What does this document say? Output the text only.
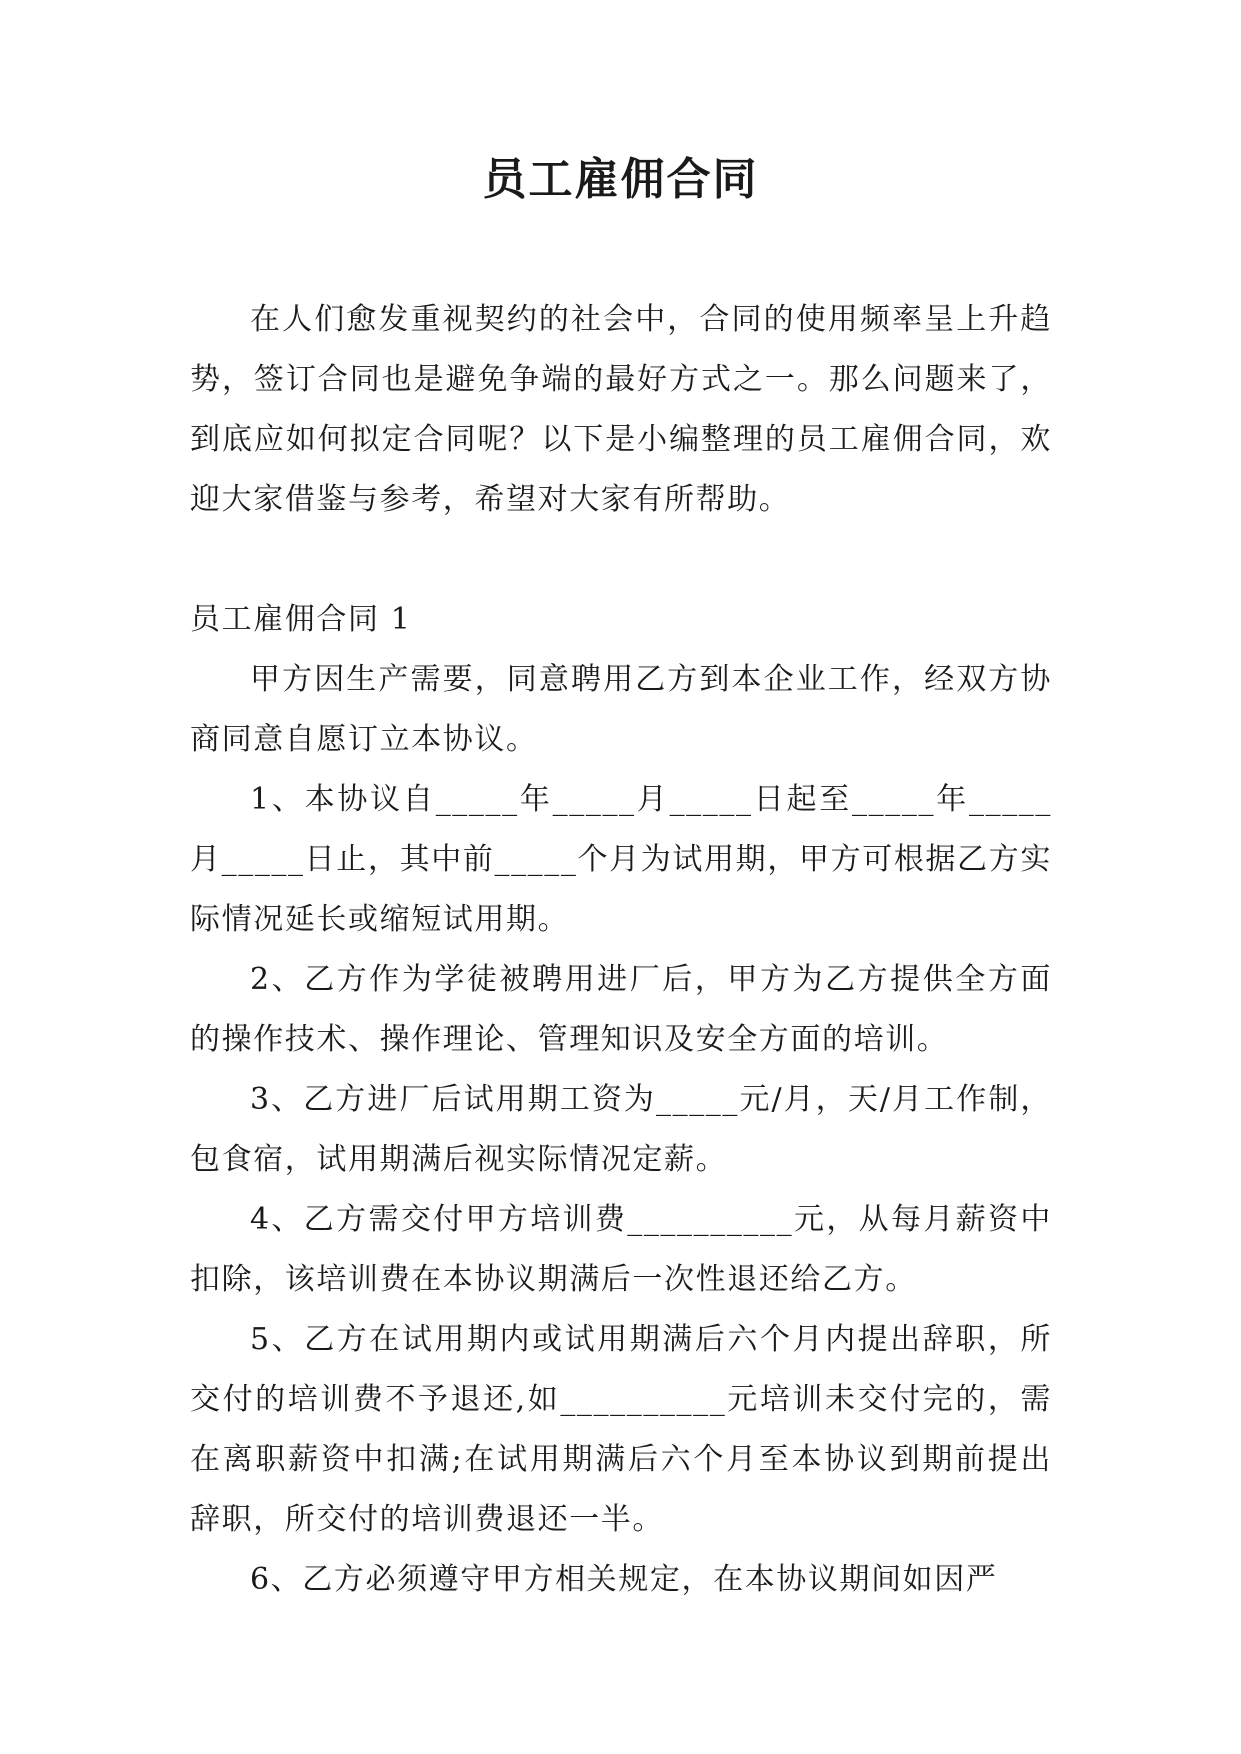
员工雇佣合同

在人们愈发重视契约的社会中，合同的使用频率呈上升趋势，签订合同也是避免争端的最好方式之一。那么问题来了，到底应如何拟定合同呢？以下是小编整理的员工雇佣合同，欢迎大家借鉴与参考，希望对大家有所帮助。

员工雇佣合同 1

甲方因生产需要，同意聘用乙方到本企业工作，经双方协商同意自愿订立本协议。

1、本协议自_____年_____月_____日起至_____年_____月_____日止，其中前_____个月为试用期，甲方可根据乙方实际情况延长或缩短试用期。

2、乙方作为学徒被聘用进厂后，甲方为乙方提供全方面的操作技术、操作理论、管理知识及安全方面的培训。

3、乙方进厂后试用期工资为_____元/月，天/月工作制，包食宿，试用期满后视实际情况定薪。

4、乙方需交付甲方培训费__________元，从每月薪资中扣除，该培训费在本协议期满后一次性退还给乙方。

5、乙方在试用期内或试用期满后六个月内提出辞职，所交付的培训费不予退还,如__________元培训未交付完的，需在离职薪资中扣满;在试用期满后六个月至本协议到期前提出辞职，所交付的培训费退还一半。

6、乙方必须遵守甲方相关规定，在本协议期间如因严
